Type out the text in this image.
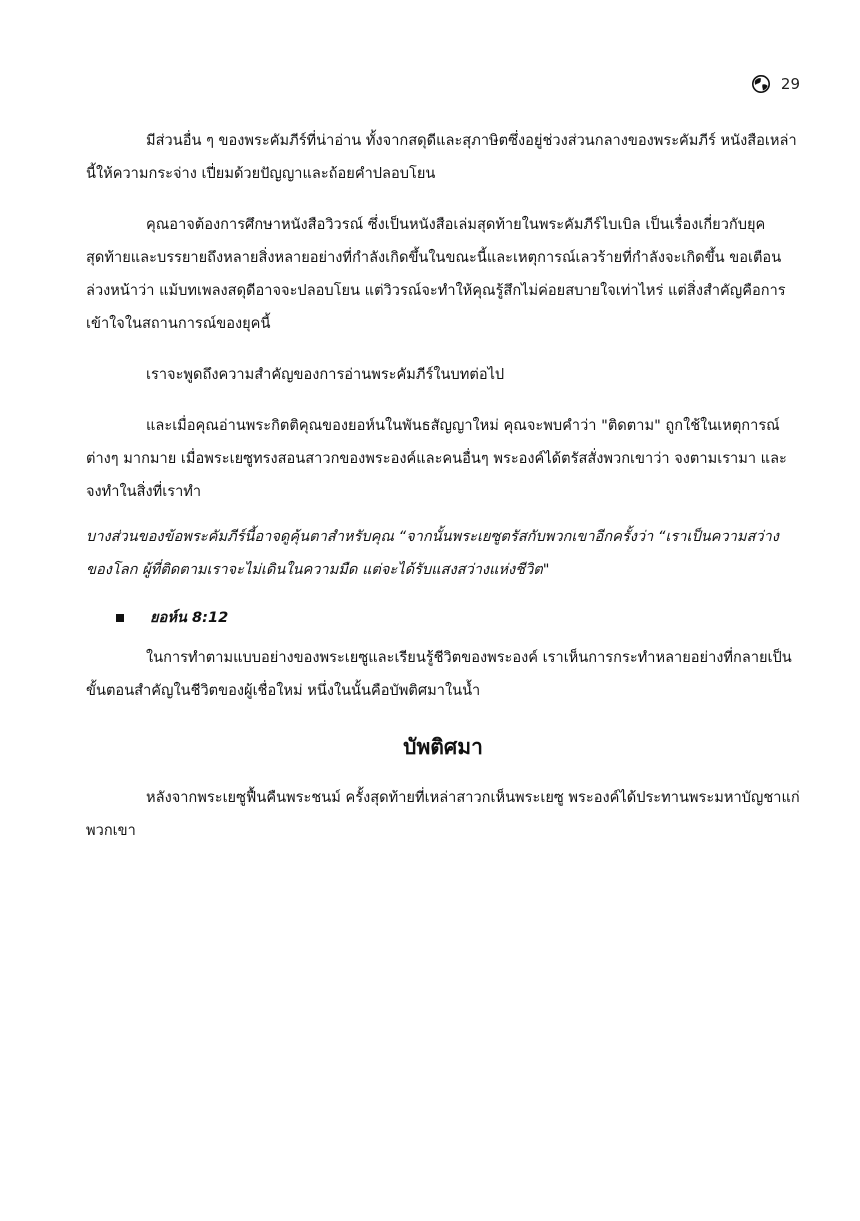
29

มีส่วนอื่น ๆ ของพระคัมภีร์ที่น่าอ่าน ทั้งจากสดุดีและสุภาษิตซึ่งอยู่ช่วงส่วนกลางของพระคัมภีร์ หนังสือเหล่านี้ให้ความกระจ่าง เปี่ยมด้วยปัญญาและถ้อยคำปลอบโยน

คุณอาจต้องการศึกษาหนังสือวิวรณ์ ซึ่งเป็นหนังสือเล่มสุดท้ายในพระคัมภีร์ไบเบิล เป็นเรื่องเกี่ยวกับยุคสุดท้ายและบรรยายถึงหลายสิ่งหลายอย่างที่กำลังเกิดขึ้นในขณะนี้และเหตุการณ์เลวร้ายที่กำลังจะเกิดขึ้น ขอเตือนล่วงหน้าว่า แม้บทเพลงสดุดีอาจจะปลอบโยน แต่วิวรณ์จะทำให้คุณรู้สึกไม่ค่อยสบายใจเท่าไหร่ แต่สิ่งสำคัญคือการเข้าใจในสถานการณ์ของยุคนี้

เราจะพูดถึงความสำคัญของการอ่านพระคัมภีร์ในบทต่อไป

และเมื่อคุณอ่านพระกิตติคุณของยอห์นในพันธสัญญาใหม่ คุณจะพบคำว่า "ติดตาม" ถูกใช้ในเหตุการณ์ต่างๆ มากมาย เมื่อพระเยซูทรงสอนสาวกของพระองค์และคนอื่นๆ พระองค์ได้ตรัสสั่งพวกเขาว่า จงตามเรามา และจงทำในสิ่งที่เราทำ

บางส่วนของข้อพระคัมภีร์นี้อาจดูคุ้นตาสำหรับคุณ “จากนั้นพระเยซูตรัสกับพวกเขาอีกครั้งว่า “เราเป็นความสว่างของโลก ผู้ที่ติดตามเราจะไม่เดินในความมืด แต่จะได้รับแสงสว่างแห่งชีวิต"

ยอห์น 8:12

ในการทำตามแบบอย่างของพระเยซูและเรียนรู้ชีวิตของพระองค์ เราเห็นการกระทำหลายอย่างที่กลายเป็นขั้นตอนสำคัญในชีวิตของผู้เชื่อใหม่ หนึ่งในนั้นคือบัพติศมาในน้ำ

บัพติศมา

หลังจากพระเยซูฟื้นคืนพระชนม์ ครั้งสุดท้ายที่เหล่าสาวกเห็นพระเยซู พระองค์ได้ประทานพระมหาบัญชาแก่พวกเขา
